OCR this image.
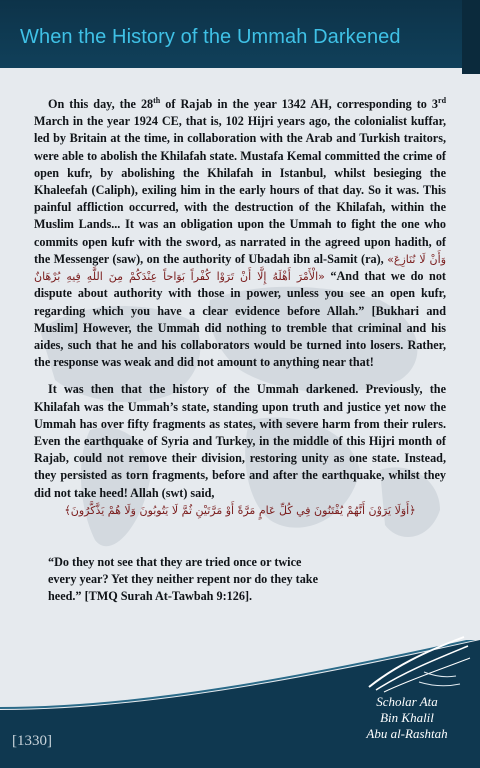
When the History of the Ummah Darkened

On this day, the 28th of Rajab in the year 1342 AH, corresponding to 3rd March in the year 1924 CE, that is, 102 Hijri years ago, the colonialist kuffar, led by Britain at the time, in collaboration with the Arab and Turkish traitors, were able to abolish the Khilafah state. Mustafa Kemal committed the crime of open kufr, by abolishing the Khilafah in Istanbul, whilst besieging the Khaleefah (Caliph), exiling him in the early hours of that day. So it was. This painful affliction occurred, with the destruction of the Khilafah, within the Muslim Lands... It was an obligation upon the Ummah to fight the one who commits open kufr with the sword, as narrated in the agreed upon hadith, of the Messenger (saw), on the authority of Ubadah ibn al-Samit (ra), «وَأَنْ لَا نُنَازِعَ الْأَمْرَ أَهْلَهُ إِلَّا أَنْ تَرَوْا كُفْراً بَوَاحاً عِنْدَكُمْ مِنَ اللَّهِ فِيهِ بُرْهَانٌ» “And that we do not dispute about authority with those in power, unless you see an open kufr, regarding which you have a clear evidence before Allah.” [Bukhari and Muslim] However, the Ummah did nothing to tremble that criminal and his aides, such that he and his collaborators would be turned into losers. Rather, the response was weak and did not amount to anything near that!

It was then that the history of the Ummah darkened. Previously, the Khilafah was the Ummah’s state, standing upon truth and justice yet now the Ummah has over fifty fragments as states, with severe harm from their rulers. Even the earthquake of Syria and Turkey, in the middle of this Hijri month of Rajab, could not remove their division, restoring unity as one state. Instead, they persisted as torn fragments, before and after the earthquake, whilst they did not take heed! Allah (swt) said,

﴿أَوَلَا يَرَوْنَ أَنَّهُمْ يُفْتَنُونَ فِي كُلِّ عَامٍ مَرَّةً أَوْ مَرَّتَيْنِ ثُمَّ لَا يَتُوبُونَ وَلَا هُمْ يَذَّكَّرُونَ﴾

“Do they not see that they are tried once or twice every year? Yet they neither repent nor do they take heed.” [TMQ Surah At-Tawbah 9:126].

[1330]
Scholar Ata
Bin Khalil
Abu al-Rashtah
